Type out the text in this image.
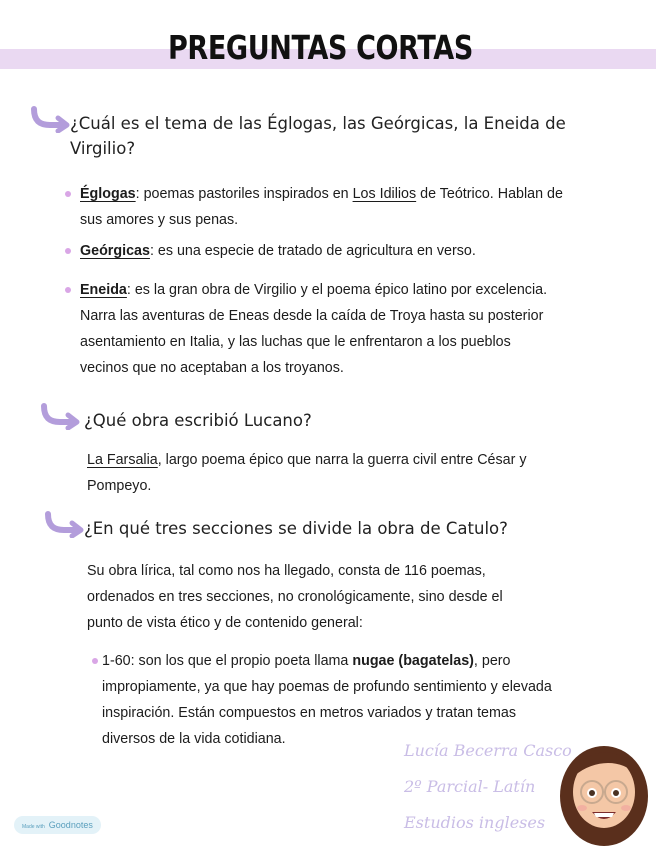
PREGUNTAS CORTAS
¿Cuál es el tema de las Églogas, las Geórgicas, la Eneida de
Virgilio?
Églogas: poemas pastoriles inspirados en Los Idilios de Teótrico. Hablan de
sus amores y sus penas.
Geórgicas: es una especie de tratado de agricultura en verso.
Eneida: es la gran obra de Virgilio y el poema épico latino por excelencia.
Narra las aventuras de Eneas desde la caída de Troya hasta su posterior
asentamiento en Italia, y las luchas que le enfrentaron a los pueblos
vecinos que no aceptaban a los troyanos.
¿Qué obra escribió Lucano?
La Farsalia, largo poema épico que narra la guerra civil entre César y
Pompeyo.
¿En qué tres secciones se divide la obra de Catulo?
Su obra lírica, tal como nos ha llegado, consta de 116 poemas,
ordenados en tres secciones, no cronológicamente, sino desde el
punto de vista ético y de contenido general:
1-60: son los que el propio poeta llama nugae (bagatelas), pero
impropiamente, ya que hay poemas de profundo sentimiento y elevada
inspiración. Están compuestos en metros variados y tratan temas
diversos de la vida cotidiana.
Lucía Becerra Casco
2º Parcial- Latín
Estudios ingleses
Made with Goodnotes
